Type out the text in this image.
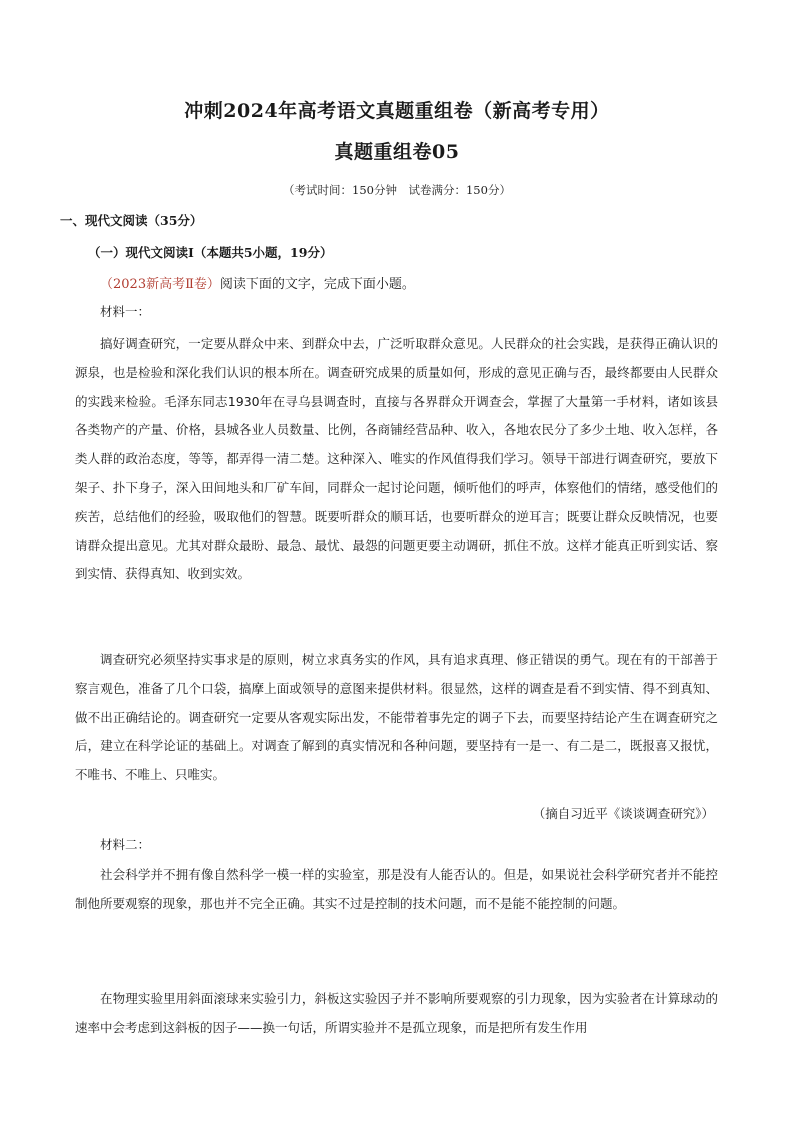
冲刺2024年高考语文真题重组卷（新高考专用）
真题重组卷05
（考试时间：150分钟　试卷满分：150分）
一、现代文阅读（35分）
（一）现代文阅读Ⅰ（本题共5小题，19分）
（2023新高考Ⅱ卷）阅读下面的文字，完成下面小题。
材料一：
搞好调查研究，一定要从群众中来、到群众中去，广泛听取群众意见。人民群众的社会实践，是获得正确认识的源泉，也是检验和深化我们认识的根本所在。调查研究成果的质量如何，形成的意见正确与否，最终都要由人民群众的实践来检验。毛泽东同志1930年在寻乌县调查时，直接与各界群众开调查会，掌握了大量第一手材料，诸如该县各类物产的产量、价格，县城各业人员数量、比例，各商铺经营品种、收入，各地农民分了多少土地、收入怎样，各类人群的政治态度，等等，都弄得一清二楚。这种深入、唯实的作风值得我们学习。领导干部进行调查研究，要放下架子、扑下身子，深入田间地头和厂矿车间，同群众一起讨论问题，倾听他们的呼声，体察他们的情绪，感受他们的疾苦，总结他们的经验，吸取他们的智慧。既要听群众的顺耳话，也要听群众的逆耳言；既要让群众反映情况，也要请群众提出意见。尤其对群众最盼、最急、最忧、最怨的问题更要主动调研，抓住不放。这样才能真正听到实话、察到实情、获得真知、收到实效。
调查研究必须坚持实事求是的原则，树立求真务实的作风，具有追求真理、修正错误的勇气。现在有的干部善于察言观色，准备了几个口袋，搞摩上面或领导的意图来提供材料。很显然，这样的调查是看不到实情、得不到真知、做不出正确结论的。调查研究一定要从客观实际出发，不能带着事先定的调子下去，而要坚持结论产生在调查研究之后，建立在科学论证的基础上。对调查了解到的真实情况和各种问题，要坚持有一是一、有二是二，既报喜又报忧，不唯书、不唯上、只唯实。
（摘自习近平《谈谈调查研究》）
材料二：
社会科学并不拥有像自然科学一模一样的实验室，那是没有人能否认的。但是，如果说社会科学研究者并不能控制他所要观察的现象，那也并不完全正确。其实不过是控制的技术问题，而不是能不能控制的问题。
在物理实验里用斜面滚球来实验引力，斜板这实验因子并不影响所要观察的引力现象，因为实验者在计算球动的速率中会考虑到这斜板的因子——换一句话，所谓实验并不是孤立现象，而是把所有发生作用
